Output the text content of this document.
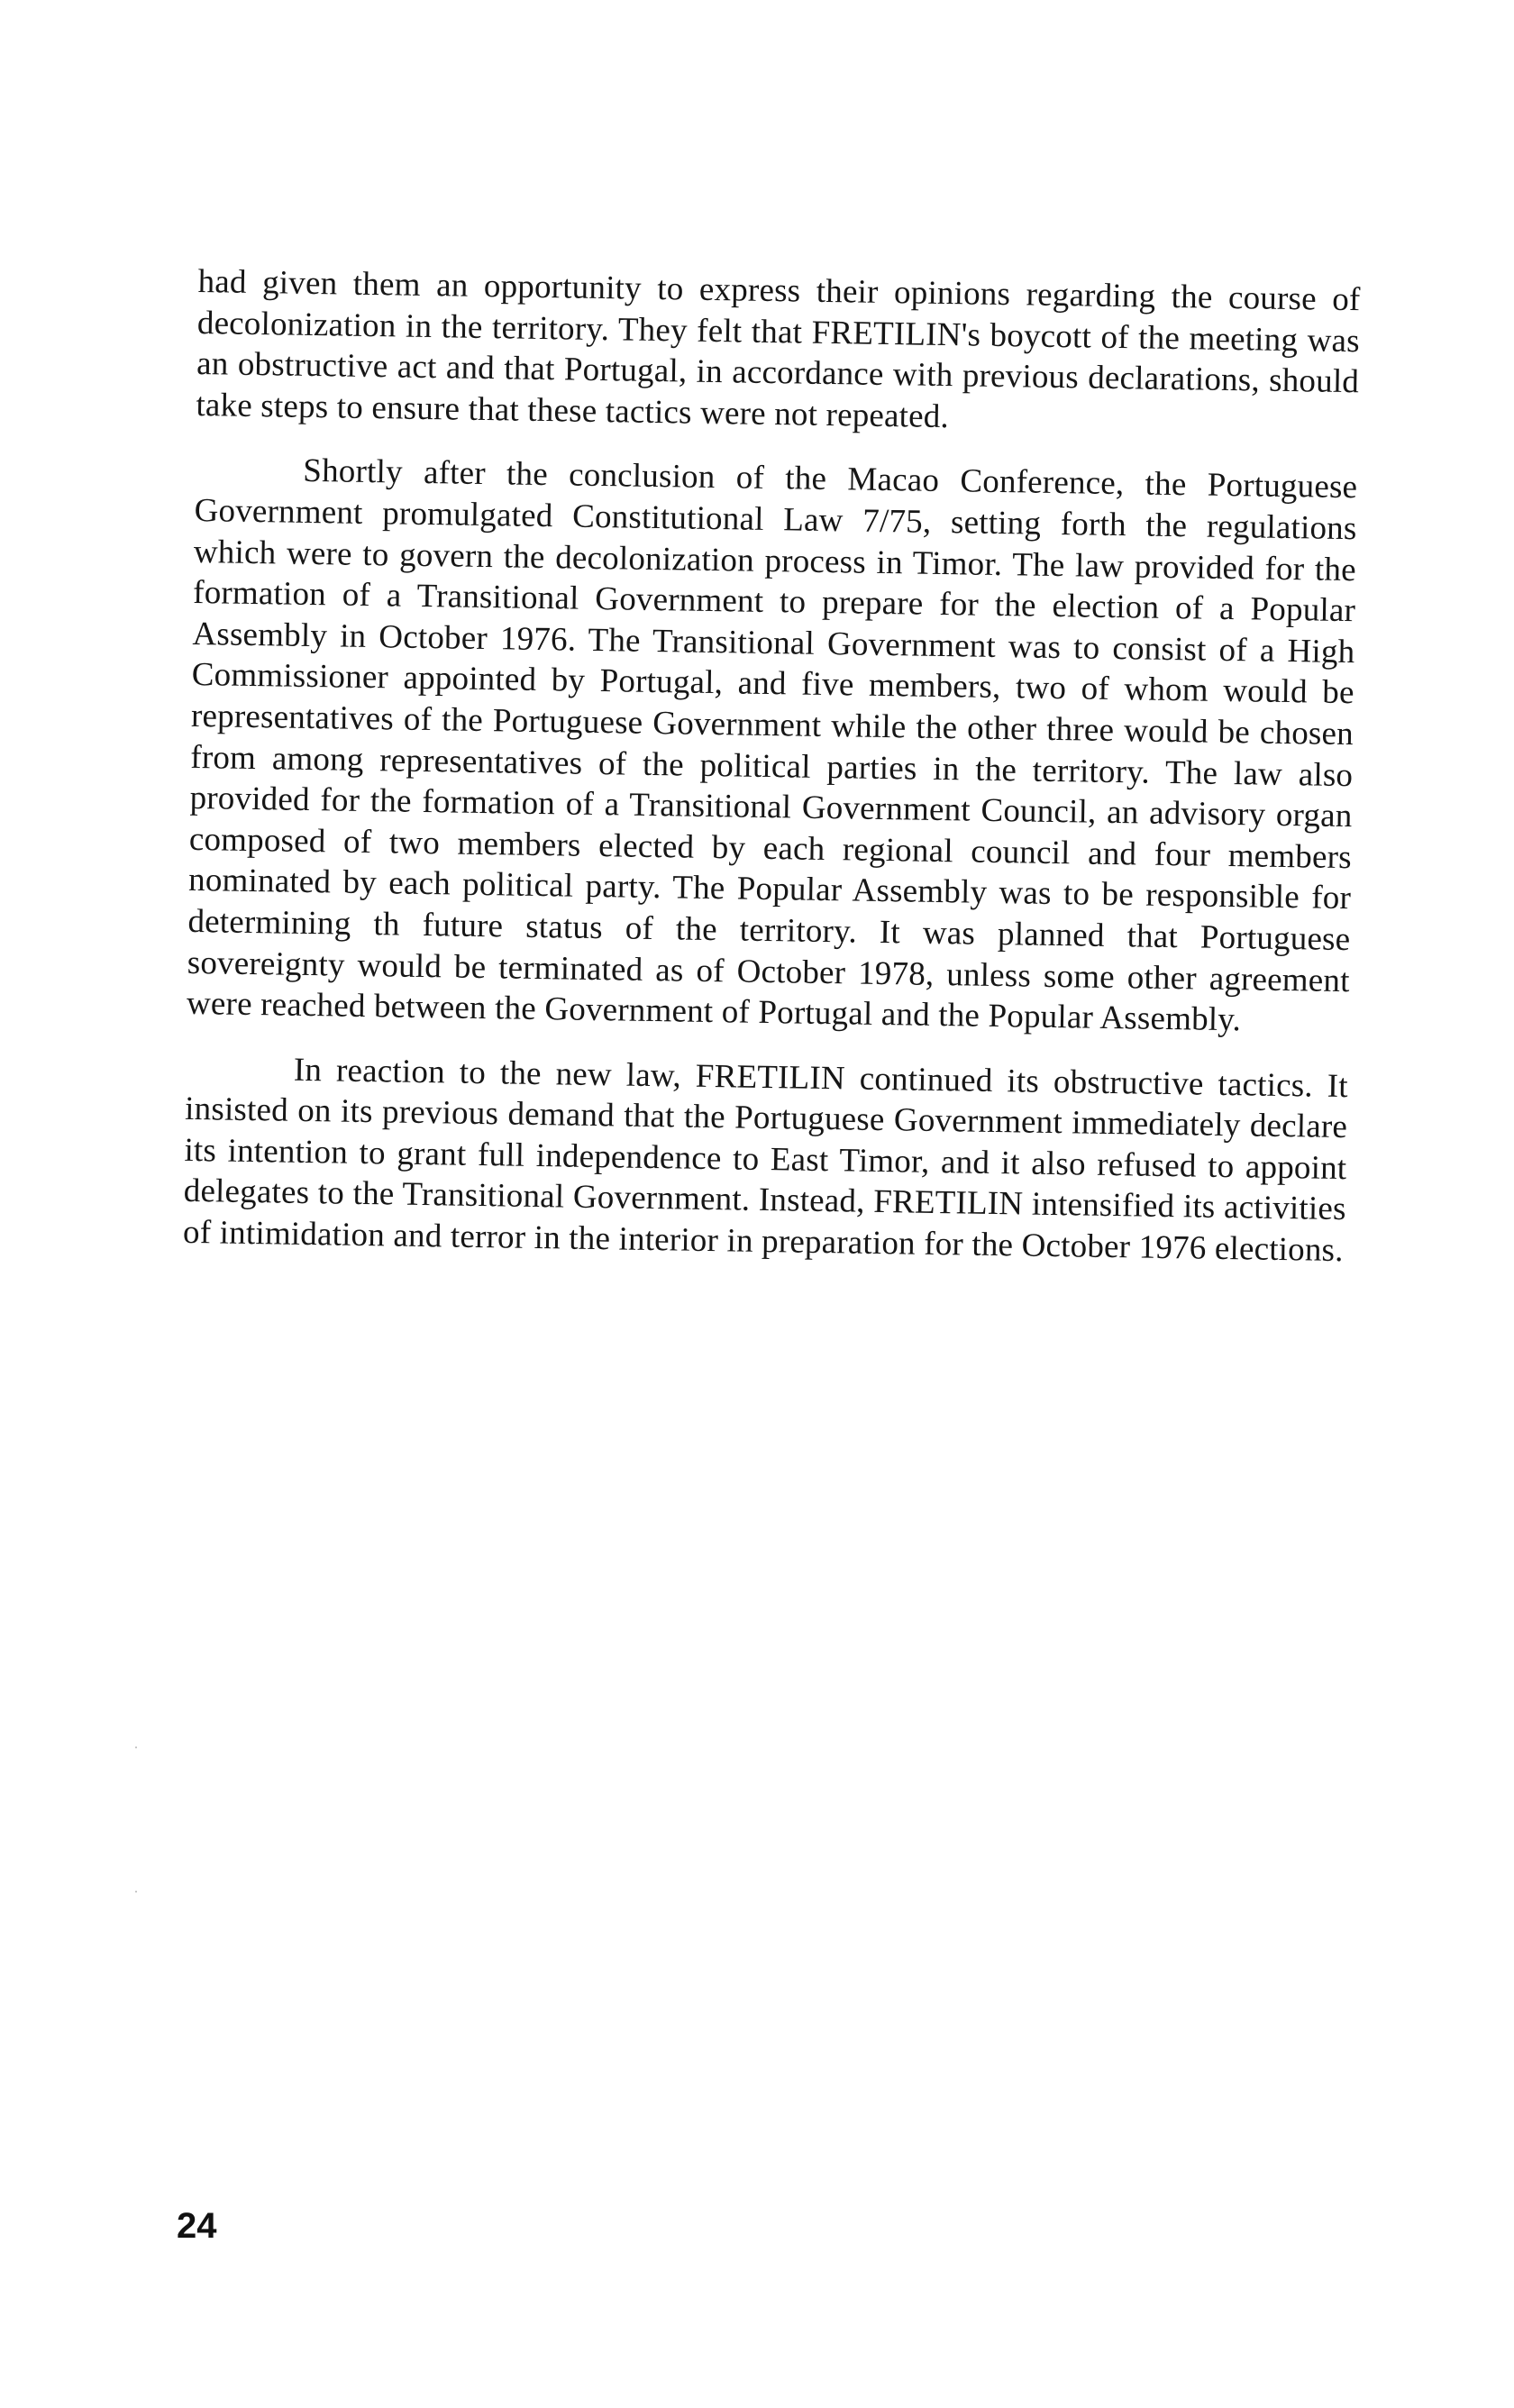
had given them an opportunity to express their opinions regarding the course of decolonization in the territory. They felt that FRETILIN's boycott of the meeting was an obstructive act and that Portugal, in accordance with previous declarations, should take steps to ensure that these tactics were not repeated.

Shortly after the conclusion of the Macao Conference, the Portuguese Government promulgated Constitutional Law 7/75, setting forth the regulations which were to govern the decolonization process in Timor. The law provided for the formation of a Transitional Government to prepare for the election of a Popular Assembly in October 1976. The Transitional Government was to consist of a High Commissioner appointed by Portugal, and five members, two of whom would be representatives of the Portuguese Government while the other three would be chosen from among representatives of the political parties in the territory. The law also provided for the formation of a Transitional Government Council, an advisory organ composed of two members elected by each regional council and four members nominated by each political party. The Popular Assembly was to be responsible for determining th future status of the territory. It was planned that Portuguese sovereignty would be terminated as of October 1978, unless some other agreement were reached between the Government of Portugal and the Popular Assembly.

In reaction to the new law, FRETILIN continued its obstructive tactics. It insisted on its previous demand that the Portuguese Government immediately declare its intention to grant full independence to East Timor, and it also refused to appoint delegates to the Transitional Government. Instead, FRETILIN intensified its activities of intimidation and terror in the interior in preparation for the October 1976 elections.

24
